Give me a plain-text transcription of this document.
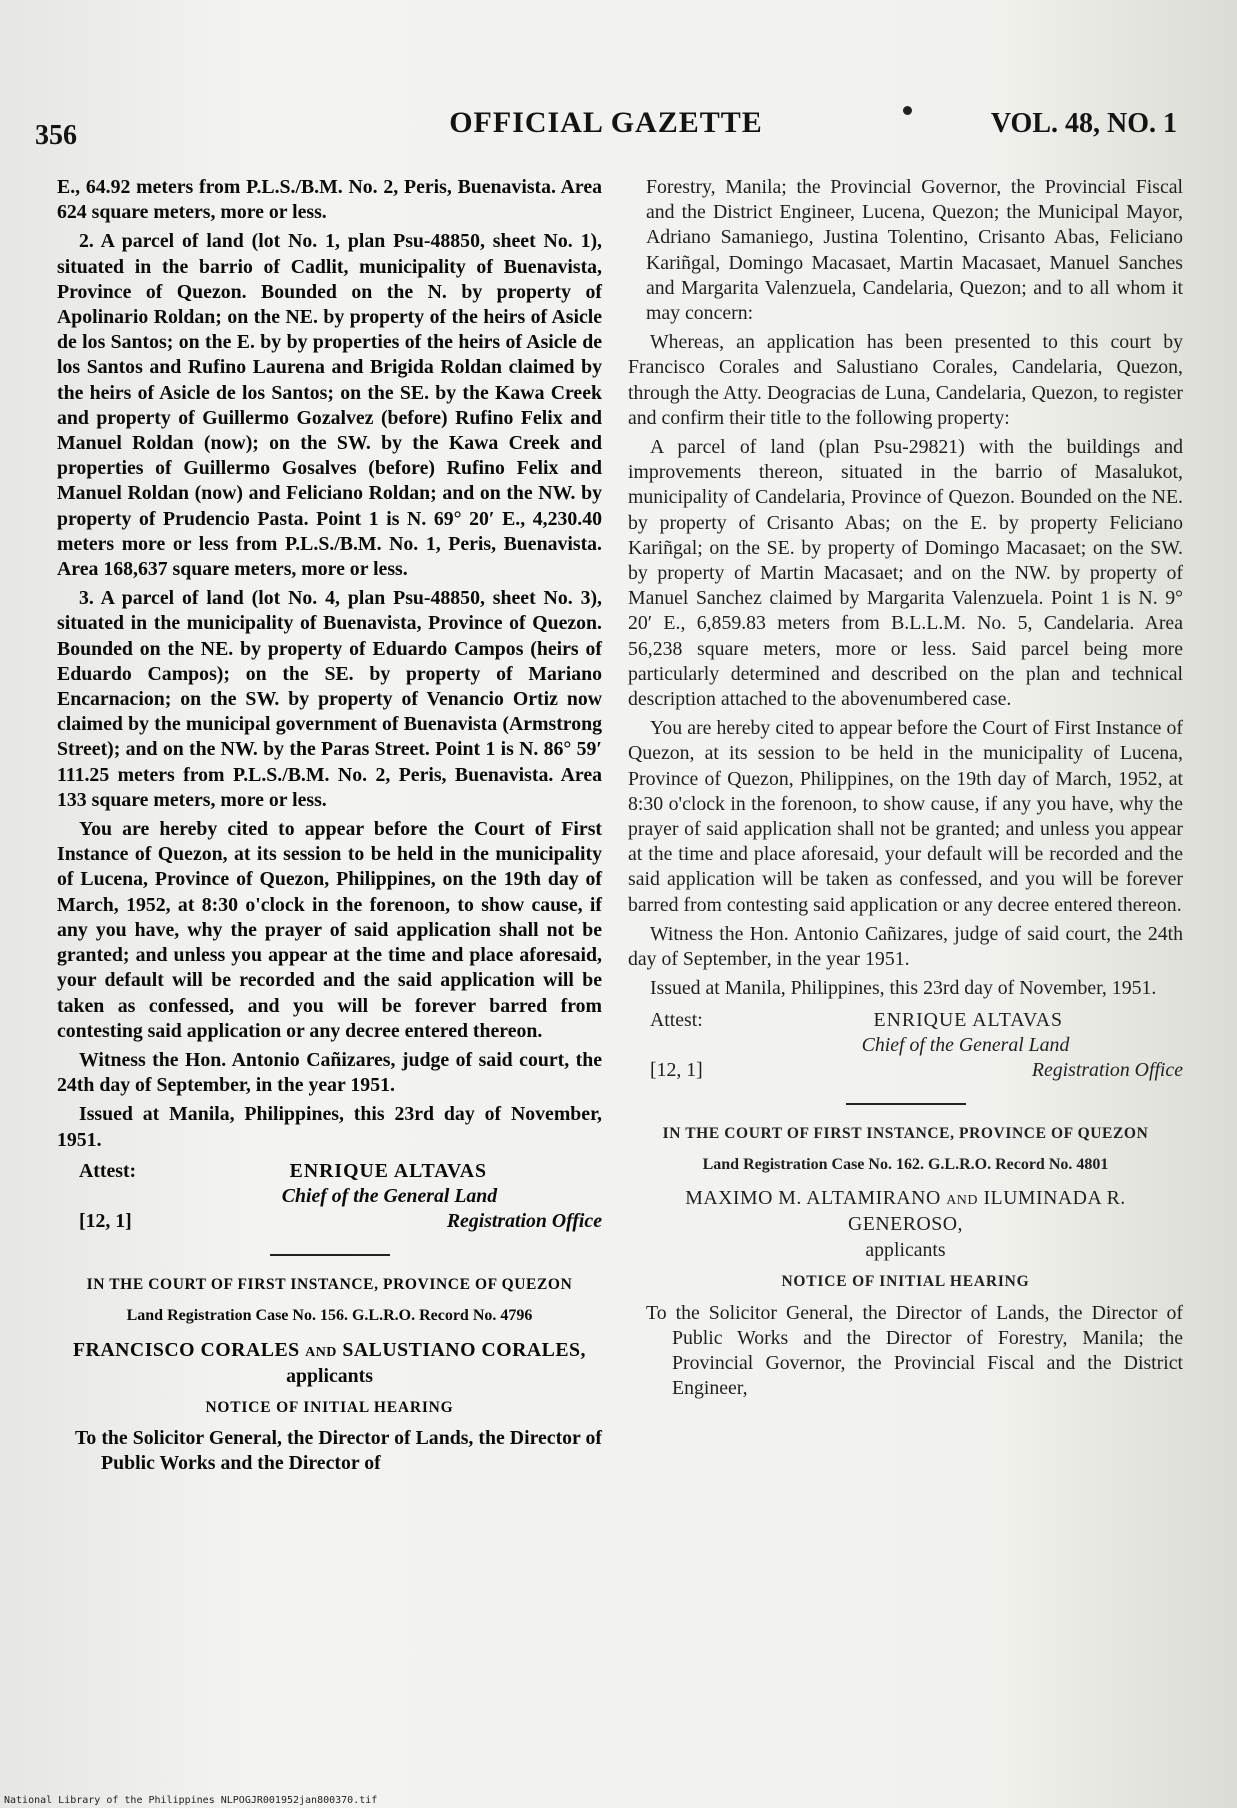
356	OFFICIAL GAZETTE	VOL. 48, NO. 1

E., 64.92 meters from P.L.S./B.M. No. 2, Peris, Buenavista. Area 624 square meters, more or less.

2. A parcel of land (lot No. 1, plan Psu-48850, sheet No. 1), situated in the barrio of Cadlit, municipality of Buenavista, Province of Quezon. Bounded on the N. by property of Apolinario Roldan; on the NE. by property of the heirs of Asicle de los Santos; on the E. by by properties of the heirs of Asicle de los Santos and Rufino Laurena and Brigida Roldan claimed by the heirs of Asicle de los Santos; on the SE. by the Kawa Creek and property of Guillermo Gozalvez (before) Rufino Felix and Manuel Roldan (now); on the SW. by the Kawa Creek and properties of Guillermo Gosalves (before) Rufino Felix and Manuel Roldan (now) and Feliciano Roldan; and on the NW. by property of Prudencio Pasta. Point 1 is N. 69° 20′ E., 4,230.40 meters more or less from P.L.S./B.M. No. 1, Peris, Buenavista. Area 168,637 square meters, more or less.

3. A parcel of land (lot No. 4, plan Psu-48850, sheet No. 3), situated in the municipality of Buenavista, Province of Quezon. Bounded on the NE. by property of Eduardo Campos (heirs of Eduardo Campos); on the SE. by property of Mariano Encarnacion; on the SW. by property of Venancio Ortiz now claimed by the municipal government of Buenavista (Armstrong Street); and on the NW. by the Paras Street. Point 1 is N. 86° 59′ 111.25 meters from P.L.S./B.M. No. 2, Peris, Buenavista. Area 133 square meters, more or less.

You are hereby cited to appear before the Court of First Instance of Quezon, at its session to be held in the municipality of Lucena, Province of Quezon, Philippines, on the 19th day of March, 1952, at 8:30 o'clock in the forenoon, to show cause, if any you have, why the prayer of said application shall not be granted; and unless you appear at the time and place aforesaid, your default will be recorded and the said application will be taken as confessed, and you will be forever barred from contesting said application or any decree entered thereon.

Witness the Hon. Antonio Cañizares, judge of said court, the 24th day of September, in the year 1951.

Issued at Manila, Philippines, this 23rd day of November, 1951.

Attest:	ENRIQUE ALTAVAS
Chief of the General Land
[12, 1]	Registration Office
IN THE COURT OF FIRST INSTANCE, PROVINCE OF QUEZON
Land Registration Case No. 156. G.L.R.O. Record No. 4796
FRANCISCO CORALES and SALUSTIANO CORALES,
applicants
NOTICE OF INITIAL HEARING

To the Solicitor General, the Director of Lands, the Director of Public Works and the Director of

Forestry, Manila; the Provincial Governor, the Provincial Fiscal and the District Engineer, Lucena, Quezon; the Municipal Mayor, Adriano Samaniego, Justina Tolentino, Crisanto Abas, Feliciano Kariñgal, Domingo Macasaet, Martin Macasaet, Manuel Sanches and Margarita Valenzuela, Candelaria, Quezon; and to all whom it may concern:

Whereas, an application has been presented to this court by Francisco Corales and Salustiano Corales, Candelaria, Quezon, through the Atty. Deogracias de Luna, Candelaria, Quezon, to register and confirm their title to the following property:

A parcel of land (plan Psu-29821) with the buildings and improvements thereon, situated in the barrio of Masalukot, municipality of Candelaria, Province of Quezon. Bounded on the NE. by property of Crisanto Abas; on the E. by property Feliciano Kariñgal; on the SE. by property of Domingo Macasaet; on the SW. by property of Martin Macasaet; and on the NW. by property of Manuel Sanchez claimed by Margarita Valenzuela. Point 1 is N. 9° 20′ E., 6,859.83 meters from B.L.L.M. No. 5, Candelaria. Area 56,238 square meters, more or less. Said parcel being more particularly determined and described on the plan and technical description attached to the abovenumbered case.

You are hereby cited to appear before the Court of First Instance of Quezon, at its session to be held in the municipality of Lucena, Province of Quezon, Philippines, on the 19th day of March, 1952, at 8:30 o'clock in the forenoon, to show cause, if any you have, why the prayer of said application shall not be granted; and unless you appear at the time and place aforesaid, your default will be recorded and the said application will be taken as confessed, and you will be forever barred from contesting said application or any decree entered thereon.

Witness the Hon. Antonio Cañizares, judge of said court, the 24th day of September, in the year 1951.

Issued at Manila, Philippines, this 23rd day of November, 1951.

Attest:	ENRIQUE ALTAVAS
Chief of the General Land
[12, 1]	Registration Office
IN THE COURT OF FIRST INSTANCE, PROVINCE OF QUEZON
Land Registration Case No. 162. G.L.R.O. Record No. 4801
MAXIMO M. ALTAMIRANO and ILUMINADA R. GENEROSO,
applicants
NOTICE OF INITIAL HEARING

To the Solicitor General, the Director of Lands, the Director of Public Works and the Director of Forestry, Manila; the Provincial Governor, the Provincial Fiscal and the District Engineer,

National Library of the Philippines NLPOGJR001952jan800370.tif
